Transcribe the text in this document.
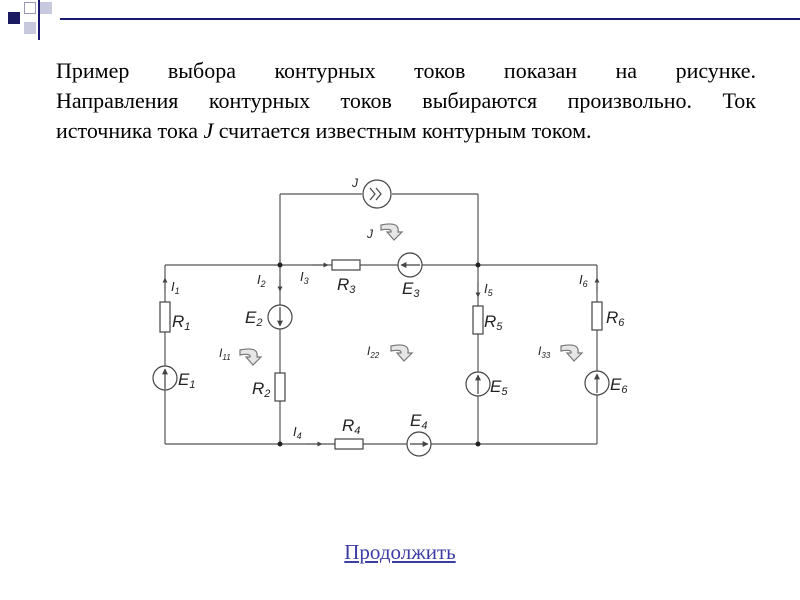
Пример выбора контурных токов показан на рисунке.
Направления контурных токов выбираются произвольно. Ток
источника тока J считается известным контурным током.
J
J
$I_1$
$I_2$	$I_3$
$I_4$
$I_5$
$I_6$
$I_{11}$	$I_{22}$	$I_{33}$
R1
R2
R3
R4
R5	R6
E1
E2
E3
E4
E5	E6
Продолжить
